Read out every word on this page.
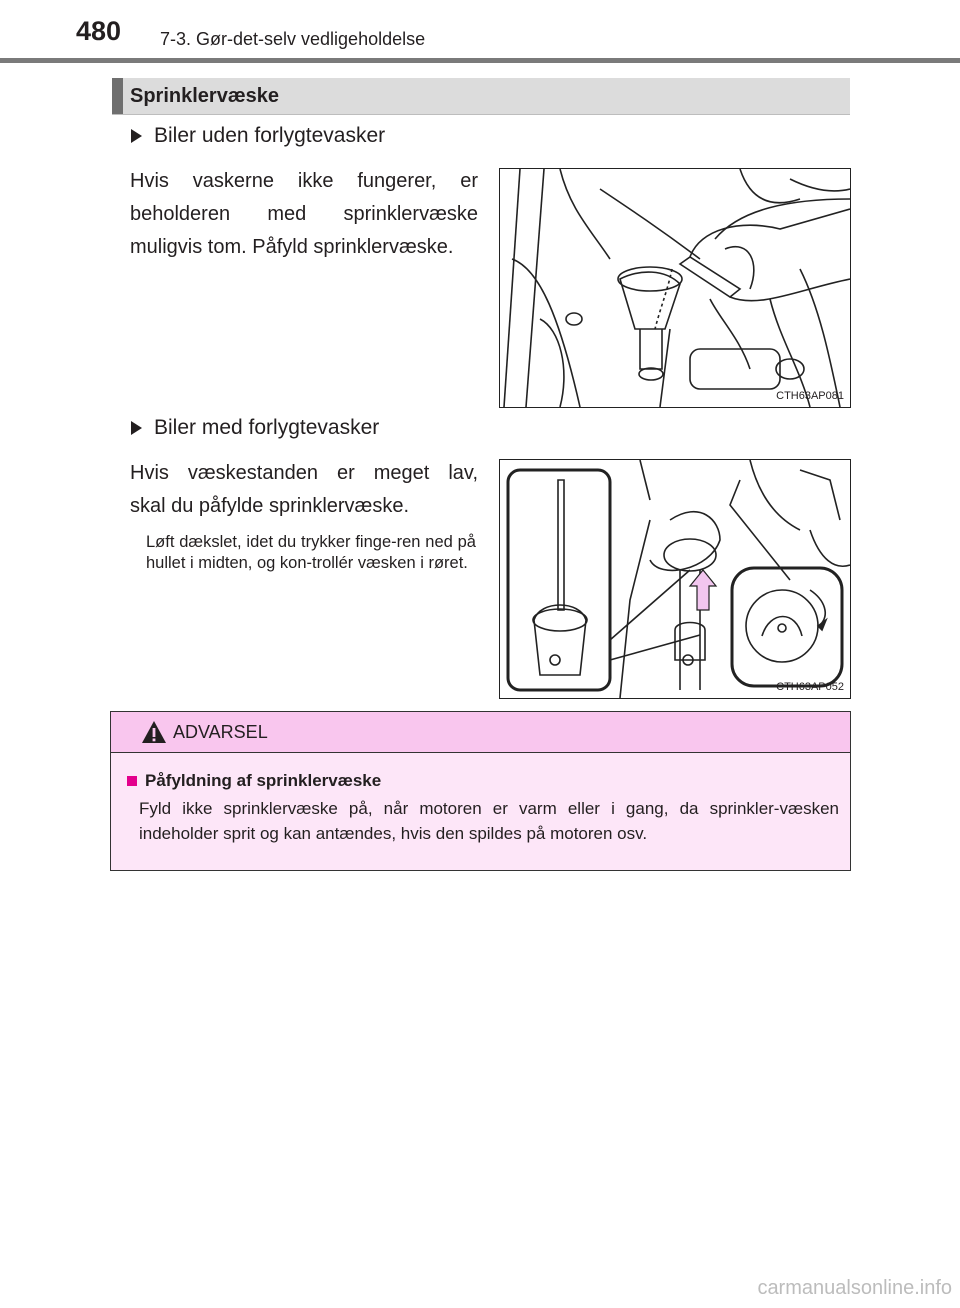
480 7-3. Gør-det-selv vedligeholdelse
Sprinklervæske
Biler uden forlygtevasker
Hvis vaskerne ikke fungerer, er
beholderen med sprinklervæske
muligvis tom. Påfyld sprinklervæske.
CTH63AP081
Biler med forlygtevasker
Hvis væskestanden er meget lav,
skal du påfylde sprinklervæske.
Løft dækslet, idet du trykker finge-ren ned på hullet i midten, og kon-trollér væsken i røret.
CTH63AP052
ADVARSEL
Påfyldning af sprinklervæske
Fyld ikke sprinklervæske på, når motoren er varm eller i gang, da sprinkler-væsken indeholder sprit og kan antændes, hvis den spildes på motoren osv.
carmanualsonline.info
